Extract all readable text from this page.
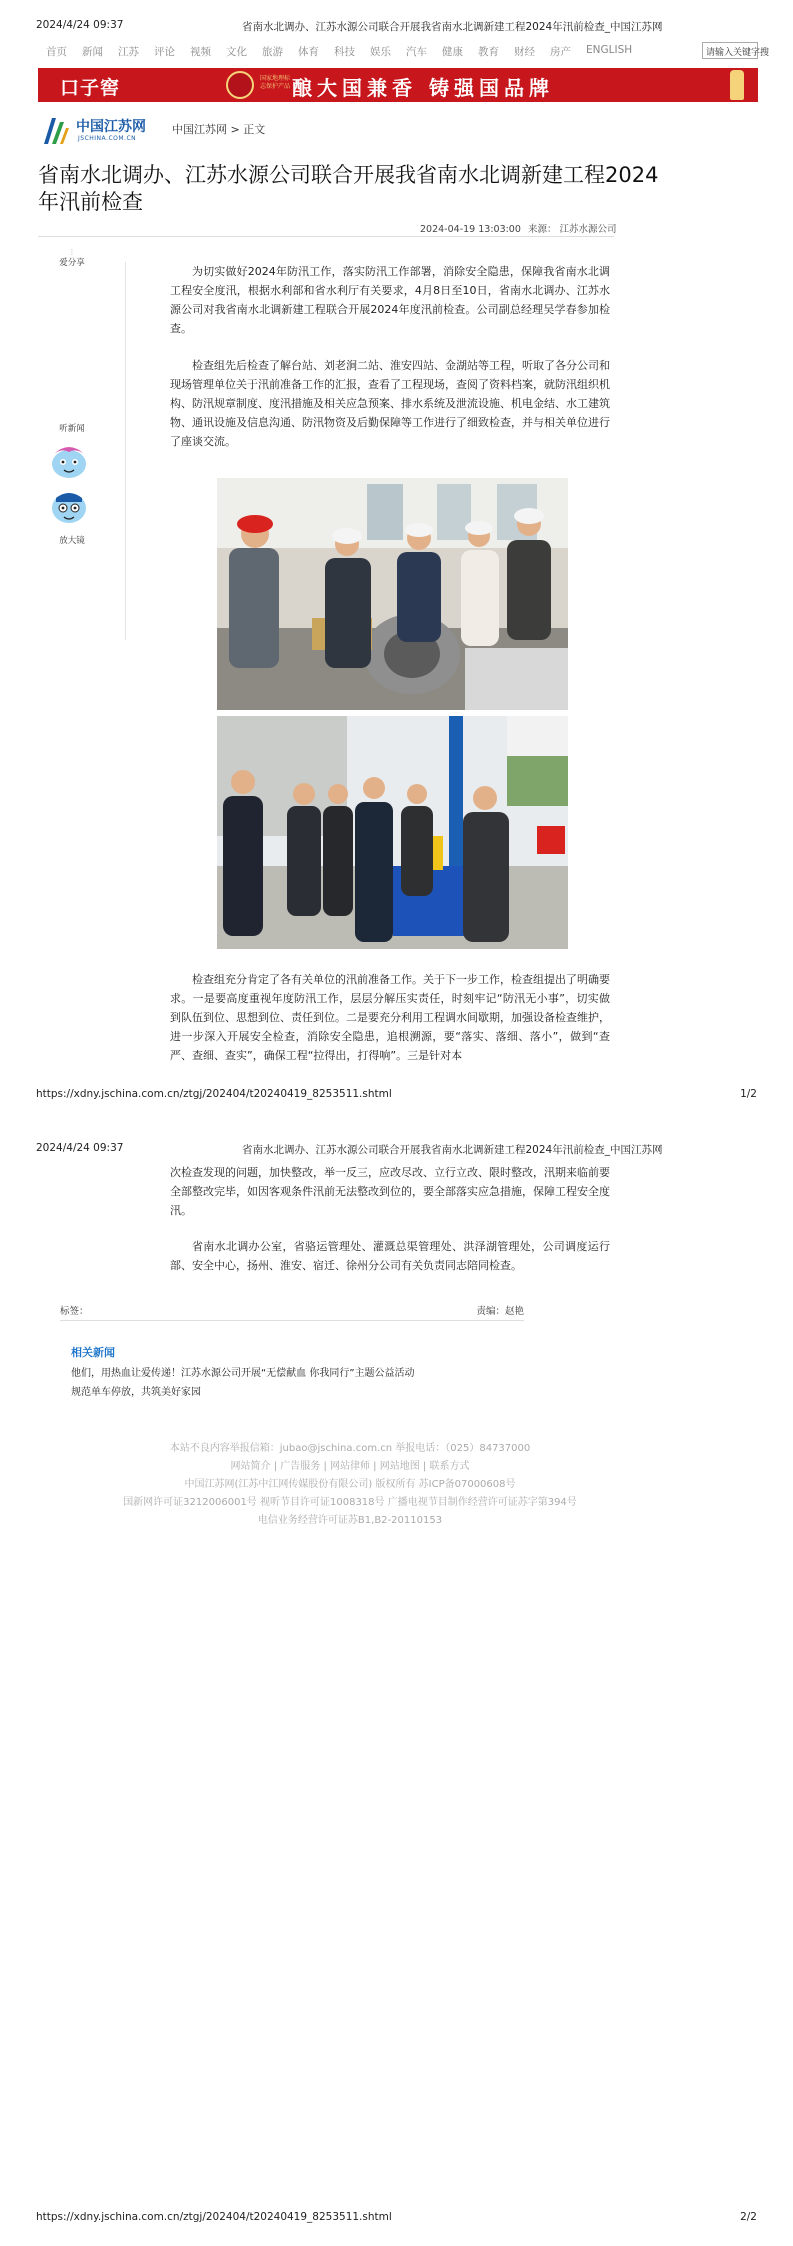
2024/4/24 09:37	省南水北调办、江苏水源公司联合开展我省南水北调新建工程2024年汛前检查_中国江苏网
首页 新闻 江苏 评论 视频 文化 旅游 体育 科技 娱乐 汽车 健康 教育 财经 房产 ENGLISH	请输入关键字搜
口子窖	国家地理标志保护产品 酿大国兼香 铸强国品牌
中国江苏网
JSCHINA.COM.CN
中国江苏网 > 正文
省南水北调办、江苏水源公司联合开展我省南水北调新建工程2024年汛前检查
2024-04-19 13:03:00 来源： 江苏水源公司
⋮
爱分享
听新闻
放大镜

为切实做好2024年防汛工作，落实防汛工作部署，消除安全隐患，保障我省南水北调工程安全度汛，根据水利部和省水利厅有关要求，4月8日至10日，省南水北调办、江苏水源公司对我省南水北调新建工程联合开展2024年度汛前检查。公司副总经理吴学春参加检查。

检查组先后检查了解台站、刘老涧二站、淮安四站、金湖站等工程，听取了各分公司和现场管理单位关于汛前准备工作的汇报，查看了工程现场，查阅了资料档案，就防汛组织机构、防汛规章制度、度汛措施及相关应急预案、排水系统及泄流设施、机电金结、水工建筑物、通讯设施及信息沟通、防汛物资及后勤保障等工作进行了细致检查，并与相关单位进行了座谈交流。

检查组充分肯定了各有关单位的汛前准备工作。关于下一步工作，检查组提出了明确要求。一是要高度重视年度防汛工作，层层分解压实责任，时刻牢记“防汛无小事”，切实做到队伍到位、思想到位、责任到位。二是要充分利用工程调水间歇期，加强设备检查维护，进一步深入开展安全检查，消除安全隐患，追根溯源，要“落实、落细、落小”，做到“查严、查细、查实”，确保工程“拉得出，打得响”。三是针对本

https://xdny.jschina.com.cn/ztgj/202404/t20240419_8253511.shtml	1/2
2024/4/24 09:37	省南水北调办、江苏水源公司联合开展我省南水北调新建工程2024年汛前检查_中国江苏网

次检查发现的问题，加快整改，举一反三，应改尽改、立行立改、限时整改，汛期来临前要全部整改完毕，如因客观条件汛前无法整改到位的，要全部落实应急措施，保障工程安全度汛。

省南水北调办公室，省骆运管理处、灌溉总渠管理处、洪泽湖管理处，公司调度运行部、安全中心，扬州、淮安、宿迁、徐州分公司有关负责同志陪同检查。

标签：	责编：赵艳
相关新闻
他们，用热血让爱传递！江苏水源公司开展“无偿献血 你我同行”主题公益活动
规范单车停放，共筑美好家园
本站不良内容举报信箱：jubao@jschina.com.cn 举报电话：（025）84737000
网站简介 | 广告服务 | 网站律师 | 网站地图 | 联系方式
中国江苏网(江苏中江网传媒股份有限公司) 版权所有 苏ICP备07000608号
国新网许可证3212006001号 视听节目许可证1008318号 广播电视节目制作经营许可证苏字第394号
电信业务经营许可证苏B1,B2-20110153
https://xdny.jschina.com.cn/ztgj/202404/t20240419_8253511.shtml	2/2
